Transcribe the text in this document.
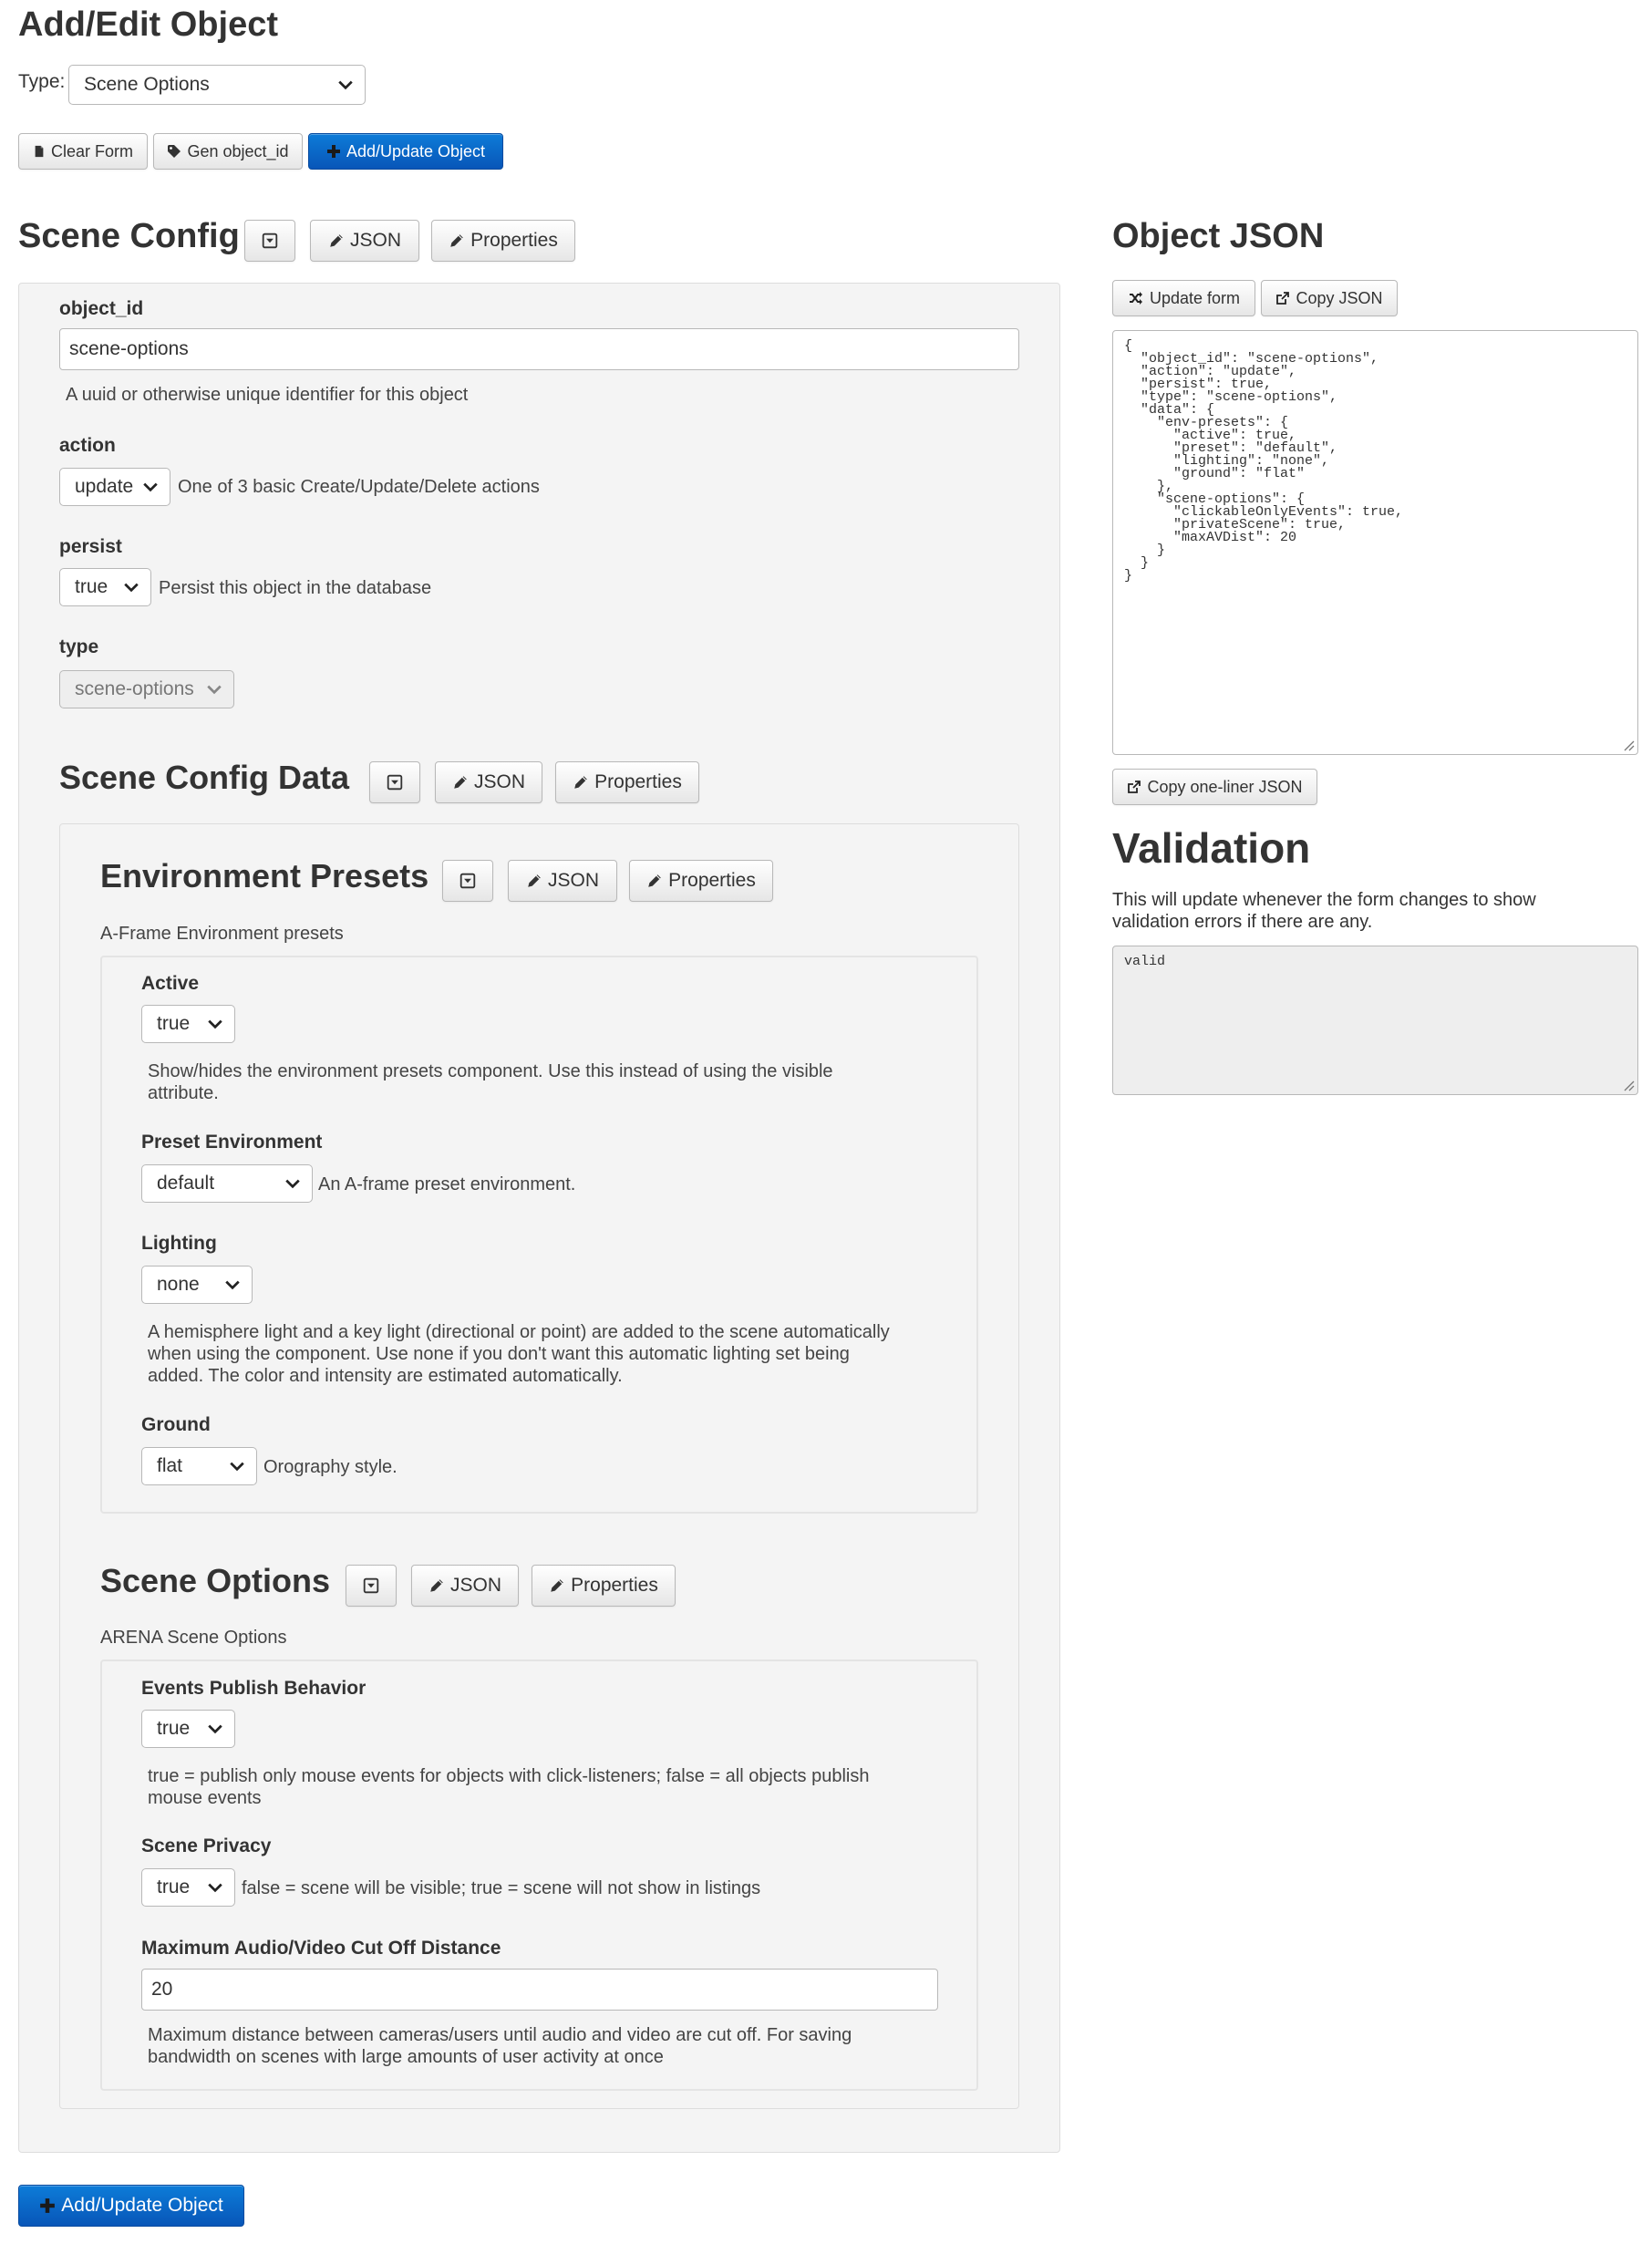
Add/Edit Object
Type: Scene Options
Clear Form	Gen object_id	Add/Update Object
Scene Config	JSON	Properties
object_id
scene-options
A uuid or otherwise unique identifier for this object
action
update One of 3 basic Create/Update/Delete actions
persist
true	Persist this object in the database
type
scene-options
Scene Config Data	JSON	Properties
Environment Presets	JSON	Properties
A-Frame Environment presets
Active
true
Show/hides the environment presets component. Use this instead of using the visible
attribute.
Preset Environment
default	An A-frame preset environment.
Lighting
none
A hemisphere light and a key light (directional or point) are added to the scene automatically
when using the component. Use none if you don't want this automatic lighting set being
added. The color and intensity are estimated automatically.
Ground
flat	Orography style.
Scene Options	JSON	Properties
ARENA Scene Options
Events Publish Behavior
true
true = publish only mouse events for objects with click-listeners; false = all objects publish
mouse events
Scene Privacy
true	false = scene will be visible; true = scene will not show in listings
Maximum Audio/Video Cut Off Distance
20
Maximum distance between cameras/users until audio and video are cut off. For saving
bandwidth on scenes with large amounts of user activity at once
Add/Update Object
Object JSON
Update form	Copy JSON
{
"object_id": "scene-options",
"action": "update",
"persist": true,
"type": "scene-options",
"data": {
"env-presets": {
"active": true,
"preset": "default",
"lighting": "none",
"ground": "flat"
},
"scene-options": {
"clickableOnlyEvents": true,
"privateScene": true,
"maxAVDist": 20
}
}
}
Copy one-liner JSON
Validation
This will update whenever the form changes to show
validation errors if there are any.
valid
